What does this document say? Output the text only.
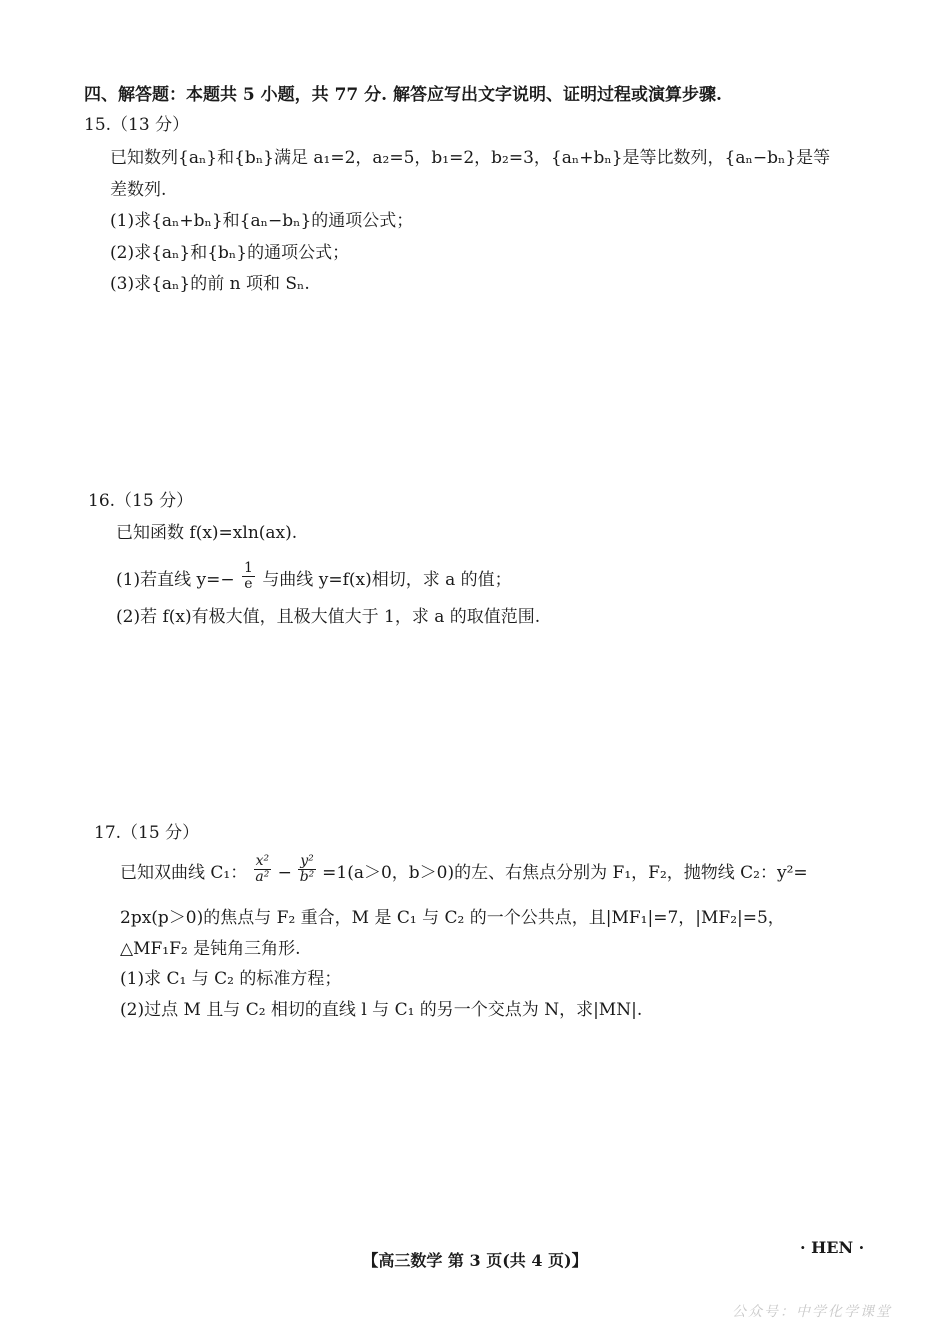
四、解答题：本题共 5 小题，共 77 分. 解答应写出文字说明、证明过程或演算步骤.
15.（13 分）
已知数列{aₙ}和{bₙ}满足 a₁=2，a₂=5，b₁=2，b₂=3，{aₙ+bₙ}是等比数列，{aₙ−bₙ}是等
差数列.
(1)求{aₙ+bₙ}和{aₙ−bₙ}的通项公式；
(2)求{aₙ}和{bₙ}的通项公式；
(3)求{aₙ}的前 n 项和 Sₙ.
16.（15 分）
已知函数 f(x)=xln(ax).
(1)若直线 $y=- \frac{1}{e}$ 与曲线 y=f(x)相切，求 a 的值；
(2)若 f(x)有极大值，且极大值大于 1，求 a 的取值范围.
17.（15 分）
已知双曲线 C₁： $\frac{\text{x²}}{\text{a²}} - \frac{\text{y²}}{\text{b²}} =1(a>0$，b＞0)的左、右焦点分别为 F₁，F₂，抛物线 C₂：y²=
2px(p＞0)的焦点与 F₂ 重合，M 是 C₁ 与 C₂ 的一个公共点，且|MF₁|=7，|MF₂|=5，
△MF₁F₂ 是钝角三角形.
(1)求 C₁ 与 C₂ 的标准方程；
(2)过点 M 且与 C₂ 相切的直线 l 与 C₁ 的另一个交点为 N，求|MN|.
【高三数学 第 3 页(共 4 页)】
· HEN ·
公众号：中学化学课堂
